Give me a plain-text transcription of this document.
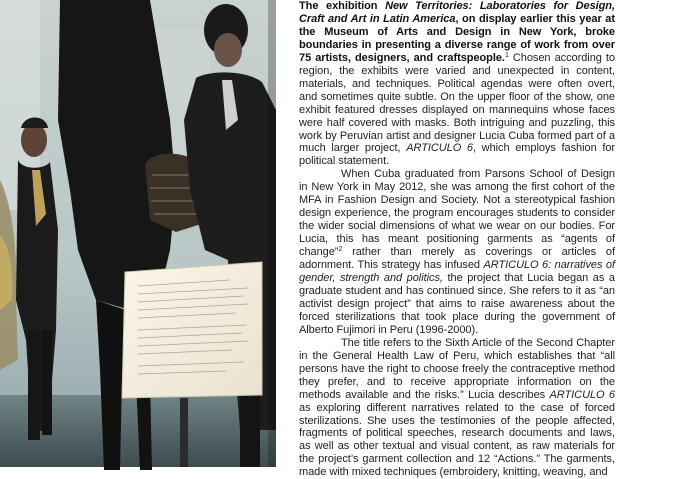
The exhibition New Territories: Laboratories for Design, Craft and Art in Latin America, on display earlier this year at the Museum of Arts and Design in New York, broke boundaries in presenting a diverse range of work from over 75 artists, designers, and craftspeople.$^1$ Chosen according to region, the exhibits were varied and unexpected in content, materials, and techniques. Political agendas were often overt, and sometimes quite subtle. On the upper floor of the show, one exhibit featured dresses displayed on mannequins whose faces were half covered with masks. Both intriguing and puzzling, this work by Peruvian artist and designer Lucia Cuba formed part of a much larger project, ARTICULO 6, which employs fashion for political statement.

When Cuba graduated from Parsons School of Design in New York in May 2012, she was among the first cohort of the MFA in Fashion Design and Society. Not a stereotypical fashion design experience, the program encourages students to consider the wider social dimensions of what we wear on our bodies. For Lucia, this has meant positioning garments as “agents of change”$^2$ rather than merely as coverings or articles of adornment. This strategy has infused ARTICULO 6: narratives of gender, strength and politics, the project that Lucia began as a graduate student and has continued since. She refers to it as “an activist design project” that aims to raise awareness about the forced sterilizations that took place during the government of Alberto Fujimori in Peru (1996-2000).

The title refers to the Sixth Article of the Second Chapter in the General Health Law of Peru, which establishes that “all persons have the right to choose freely the contraceptive method they prefer, and to receive appropriate information on the methods available and the risks.” Lucia describes ARTICULO 6 as exploring different narratives related to the case of forced sterilizations. She uses the testimonies of the people affected, fragments of political speeches, research documents and laws, as well as other textual and visual content, as raw materials for the project’s garment collection and 12 “Actions.” The garments, made with mixed techniques (embroidery, knitting, weaving, and
